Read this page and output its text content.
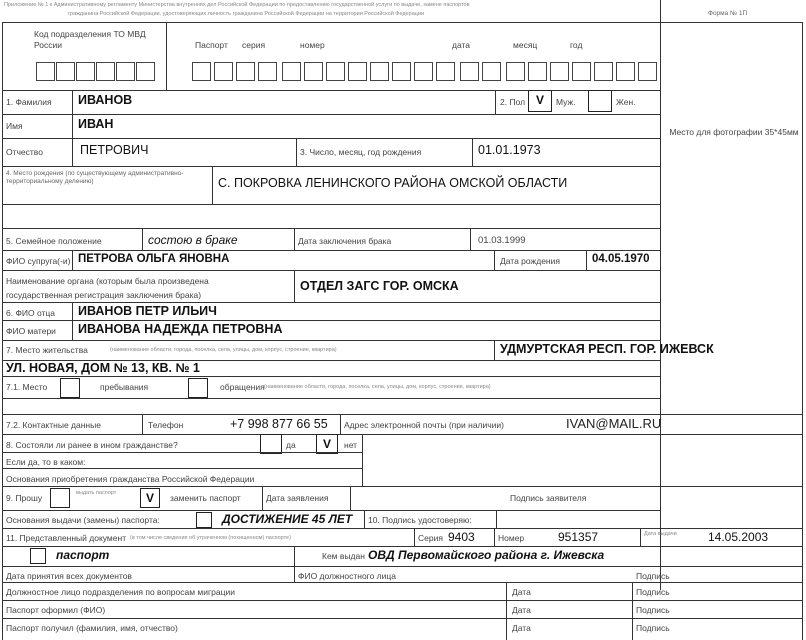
Приложение № 1 к Административному регламенту Министерства внутренних дел Российской Федерации по предоставлению государственной услуги по выдаче, замене паспортов
гражданина Российской Федерации, удостоверяющих личность гражданина Российской Федерации на территории Российской Федерации	Форма № 1П
Код подразделения ТО МВД России	Паспорт серия	номер	дата	месяц	год
1. Фамилия ИВАНОВ	2. Пол V	Муж.	Жен.
Место для фотографии 35*45мм
Имя	ИВАН
Отчество	ПЕТРОВИЧ	3. Число, месяц, год рождения	01.01.1973
4. Место рождения (по существующему административно-территориальному делению)	С. ПОКРОВКА ЛЕНИНСКОГО РАЙОНА ОМСКОЙ ОБЛАСТИ
5. Семейное положение	состою в браке	Дата заключения брака	01.03.1999
ФИО супруга(-и) ПЕТРОВА ОЛЬГА ЯНОВНА	Дата рождения	04.05.1970
Наименование органа (которым была произведена
государственная регистрация заключения брака)
ОТДЕЛ ЗАГС ГОР. ОМСКА
6. ФИО отца ИВАНОВ ПЕТР ИЛЬИЧ
ФИО матери ИВАНОВА НАДЕЖДА ПЕТРОВНА
7. Место жительства	(наименование области, города, поселка, села, улицы, дом, корпус, строение, квартира)	УДМУРТСКАЯ РЕСП. ГОР. ИЖЕВСК
УЛ. НОВАЯ, ДОМ № 13, КВ. № 1
7.1. Место	пребывания	обращения (наименование области, города, поселка, села, улицы, дом, корпус, строение, квартира)
7.2. Контактные данные	Телефон	+7 998 877 66 55 Адрес электронной почты (при наличии)	IVAN@MAIL.RU
8. Состояли ли ранее в ином гражданстве?	да	V	нет
Если да, то в каком:
Основания приобретения гражданства Российской Федерации
9. Прошу	выдать паспорт	V	заменить паспорт	Дата заявления	Подпись заявителя
Основания выдачи (замены) паспорта:	ДОСТИЖЕНИЕ 45 ЛЕТ 10. Подпись удостоверяю:
11. Представленный документ (в том числе сведения об утраченном (похищенном) паспорте)	Серия 9403	Номер	951357	Дата выдачи	14.05.2003
паспорт	Кем выдан ОВД Первомайского района г. Ижевска
Дата принятия всех документов	ФИО должностного лица	Подпись
Должностное лицо подразделения по вопросам миграции	Дата	Подпись
Паспорт оформил (ФИО)	Дата	Подпись
Паспорт получил (фамилия, имя, отчество)	Дата	Подпись
